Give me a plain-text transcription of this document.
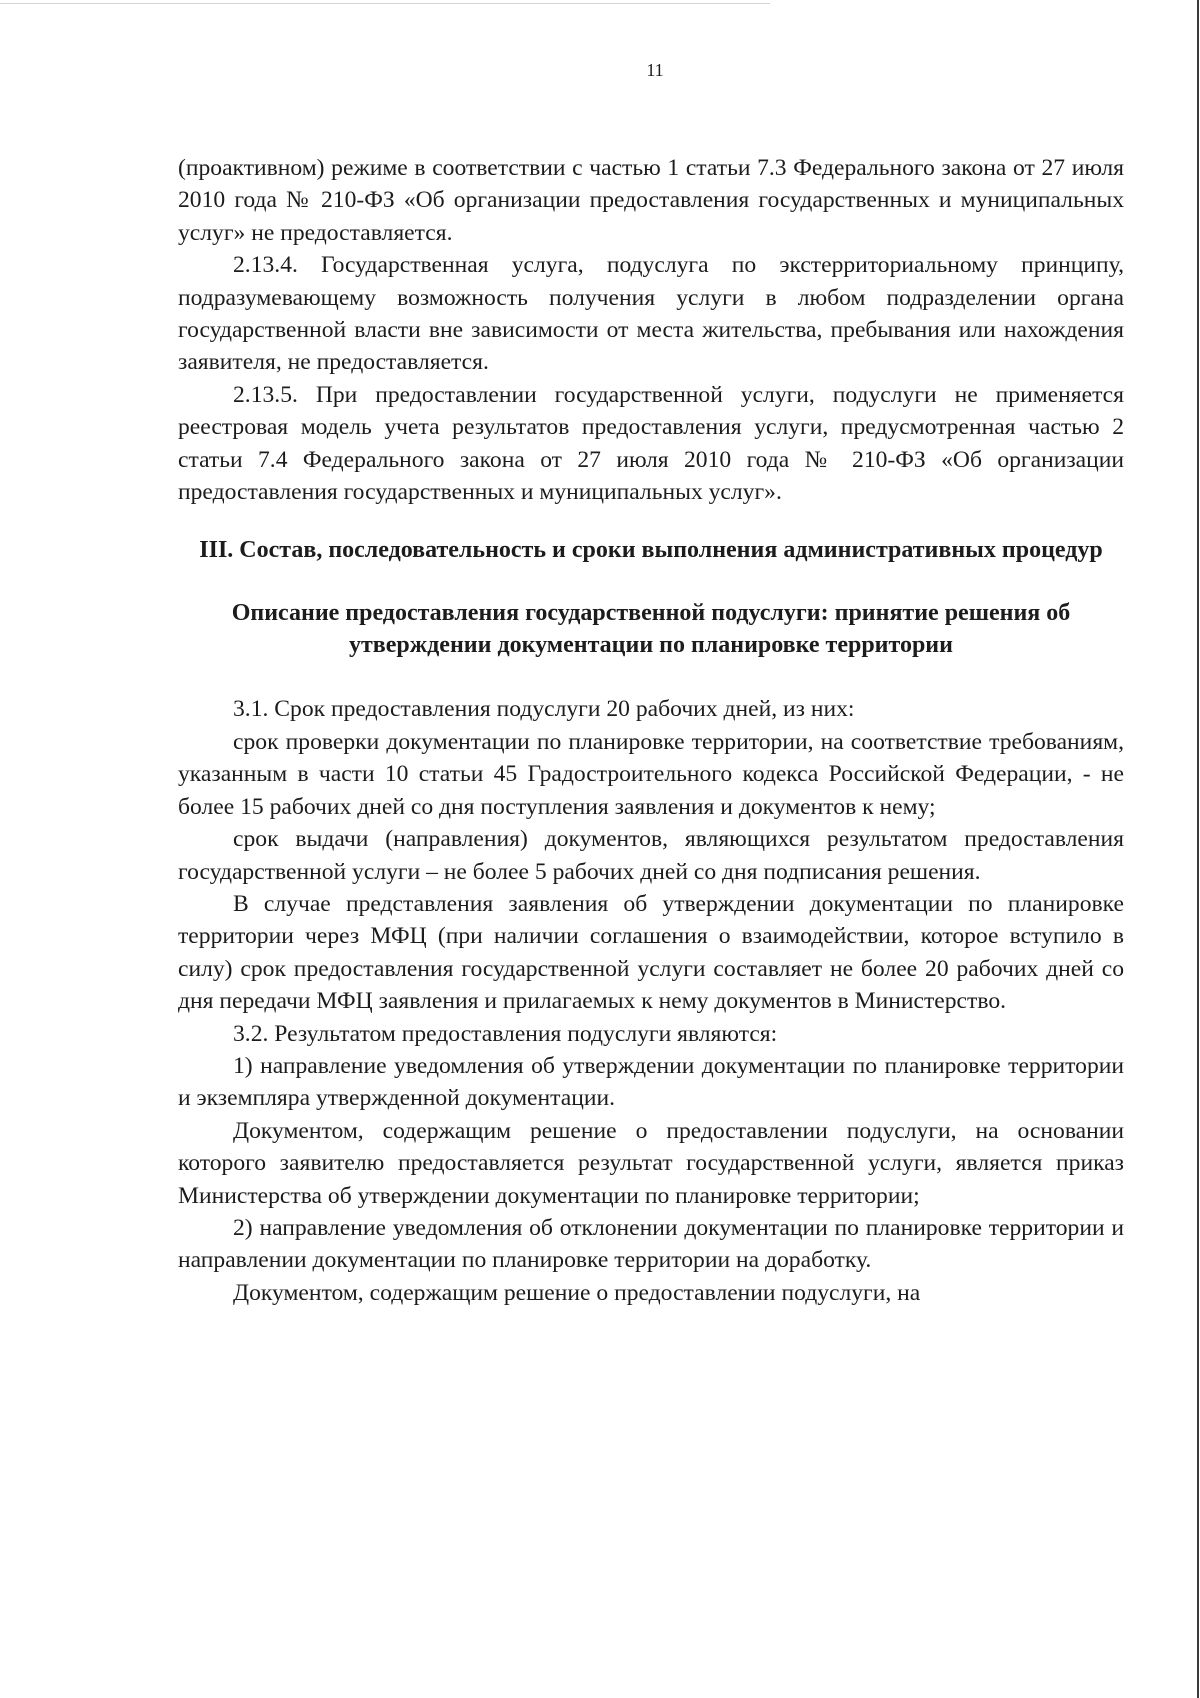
11

(проактивном) режиме в соответствии с частью 1 статьи 7.3 Федерального закона от 27 июля 2010 года № 210-ФЗ «Об организации предоставления государственных и муниципальных услуг» не предоставляется.

2.13.4. Государственная услуга, подуслуга по экстерриториальному принципу, подразумевающему возможность получения услуги в любом подразделении органа государственной власти вне зависимости от места жительства, пребывания или нахождения заявителя, не предоставляется.

2.13.5. При предоставлении государственной услуги, подуслуги не применяется реестровая модель учета результатов предоставления услуги, предусмотренная частью 2 статьи 7.4 Федерального закона от 27 июля 2010 года № 210-ФЗ «Об организации предоставления государственных и муниципальных услуг».

III. Состав, последовательность и сроки выполнения административных процедур

Описание предоставления государственной подуслуги: принятие решения об утверждении документации по планировке территории

3.1. Срок предоставления подуслуги 20 рабочих дней, из них:

срок проверки документации по планировке территории, на соответствие требованиям, указанным в части 10 статьи 45 Градостроительного кодекса Российской Федерации, - не более 15 рабочих дней со дня поступления заявления и документов к нему;

срок выдачи (направления) документов, являющихся результатом предоставления государственной услуги – не более 5 рабочих дней со дня подписания решения.

В случае представления заявления об утверждении документации по планировке территории через МФЦ (при наличии соглашения о взаимодействии, которое вступило в силу) срок предоставления государственной услуги составляет не более 20 рабочих дней со дня передачи МФЦ заявления и прилагаемых к нему документов в Министерство.

3.2. Результатом предоставления подуслуги являются:

1) направление уведомления об утверждении документации по планировке территории и экземпляра утвержденной документации.

Документом, содержащим решение о предоставлении подуслуги, на основании которого заявителю предоставляется результат государственной услуги, является приказ Министерства об утверждении документации по планировке территории;

2) направление уведомления об отклонении документации по планировке территории и направлении документации по планировке территории на доработку.

Документом, содержащим решение о предоставлении подуслуги, на
